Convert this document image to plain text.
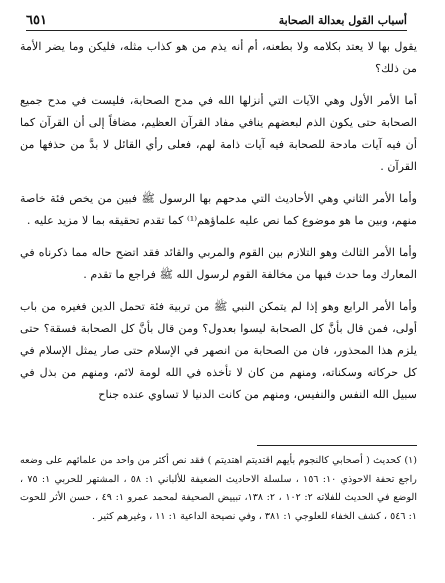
أسباب القول بعدالة الصحابة
٦٥١

يقول بها لا يعتد بكلامه ولا بطعنه، أم أنه يذم من هو كذاب مثله، فليكن وما يضر الأمة من ذلك؟

أما الأمر الأول وهي الآيات التي أنزلها الله في مدح الصحابة، فليست في مدح جميع الصحابة حتى يكون الذم لبعضهم ينافي مفاد القرآن العظيم، مضافاً إلى أن القرآن كما أن فيه آيات مادحة للصحابة فيه آيات ذامة لهم، فعلى رأي القائل لا بدَّ من حذفها من القرآن .

وأما الأمر الثاني وهي الأحاديث التي مدحهم بها الرسول ﷺ فبين من يخص فئة خاصة منهم، وبين ما هو موضوع كما نص عليه علماؤهم⁽¹⁾ كما تقدم تحقيقه بما لا مزيد عليه .

وأما الأمر الثالث وهو التلازم بين القوم والمربي والقائد فقد اتضح حاله مما ذكرناه في المعارك وما حدث فيها من مخالفة القوم لرسول الله ﷺ فراجع ما تقدم .

وأما الأمر الرابع وهو إذا لم يتمكن النبي ﷺ من تربية فئة تحمل الدين فغيره من باب أولى، فمن قال بأنَّ كل الصحابة ليسوا بعدول؟ ومن قال بأنَّ كل الصحابة فسقة؟ حتى يلزم هذا المحذور، فان من الصحابة من انصهر في الإسلام حتى صار يمثل الإسلام في كل حركاته وسكناته، ومنهم من كان لا تأخذه في الله لومة لائم، ومنهم من بذل في سبيل الله النفس والنفيس، ومنهم من كانت الدنيا لا تساوي عنده جناح

(١) كحديث ( أصحابي كالنجوم بأيهم اقتديتم اهتديتم ) فقد نص أكثر من واحد من علمائهم على وضعه راجع تحفة الاحوذي ١٠: ١٥٦ ، سلسلة الاحاديث الضعيفة للألباني ١: ٥٨ ، المشتهر للحربي ١: ٧٥ ، الوضع في الحديث للفلاته ٢: ١٠٢ ، ٢: ١٣٨، تبييض الصحيفة لمحمد عمرو ١: ٤٩ ، حسن الأثر للحوت ١: ٥٤٦ ، كشف الخفاء للعلوجي ١: ٣٨١ ، وفي نصيحة الداعية ١: ١١ ، وغيرهم كثير .
